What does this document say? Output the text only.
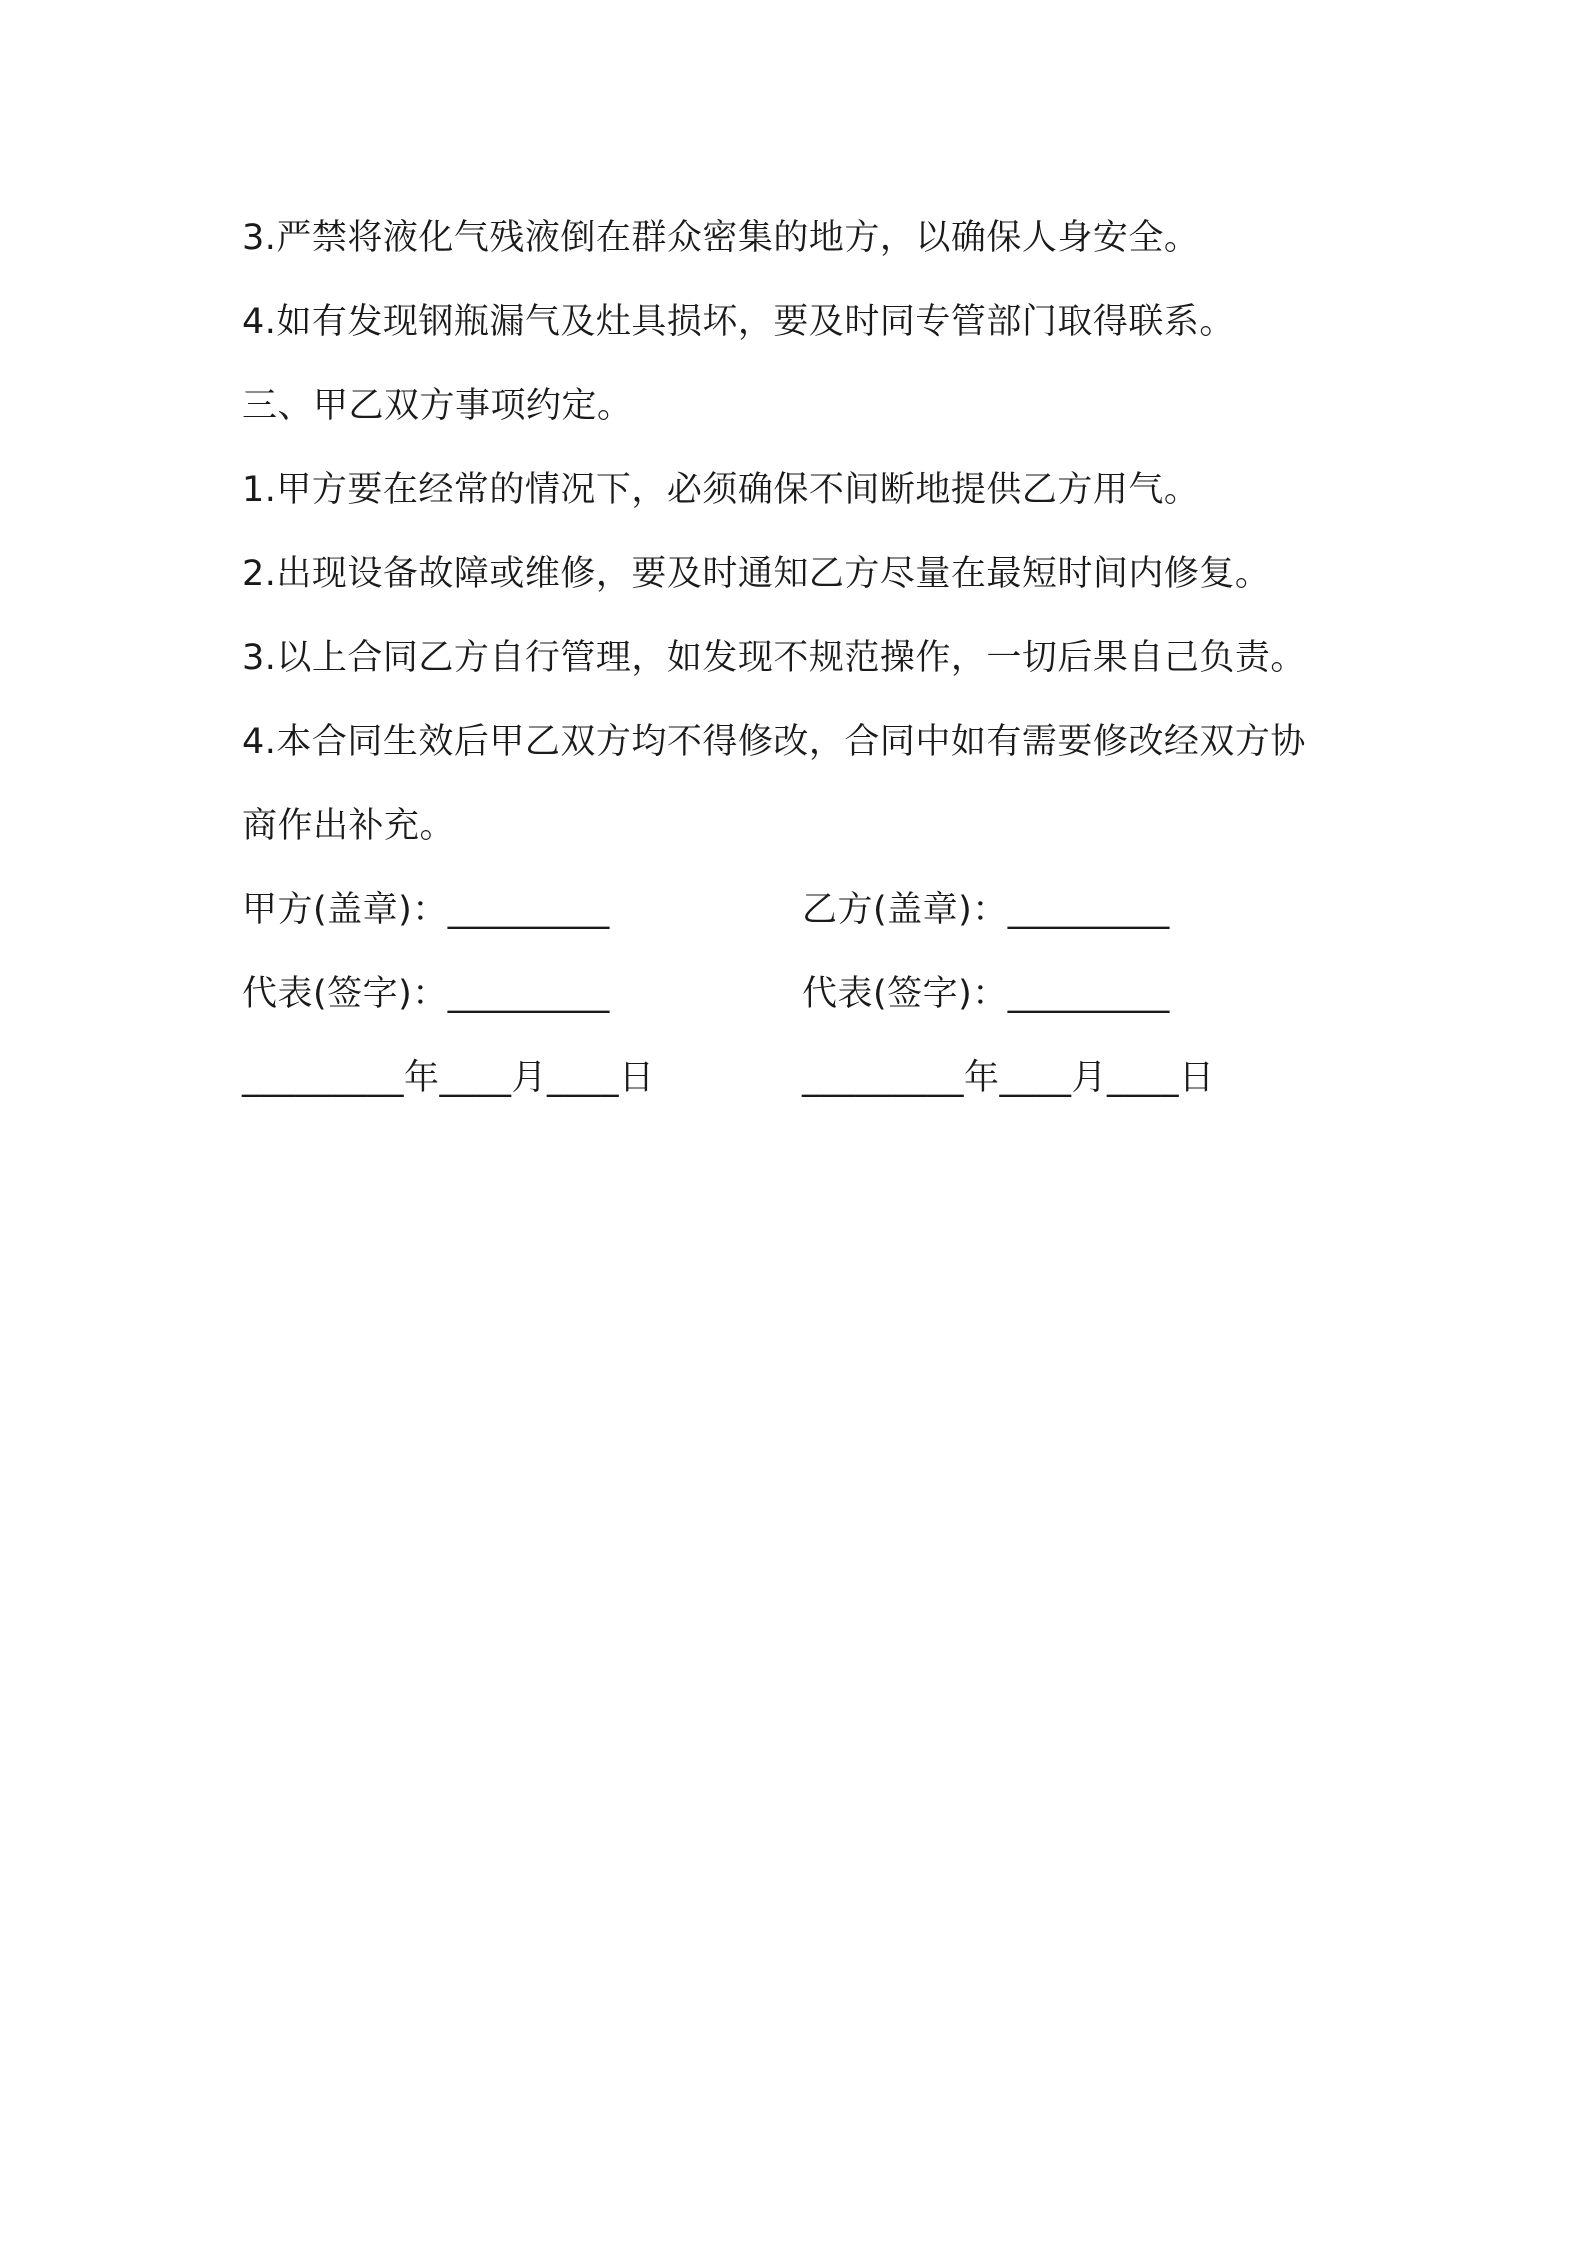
3.严禁将液化气残液倒在群众密集的地方，以确保人身安全。
4.如有发现钢瓶漏气及灶具损坏，要及时同专管部门取得联系。
三、甲乙双方事项约定。
1.甲方要在经常的情况下，必须确保不间断地提供乙方用气。
2.出现设备故障或维修，要及时通知乙方尽量在最短时间内修复。
3.以上合同乙方自行管理，如发现不规范操作，一切后果自己负责。
4.本合同生效后甲乙双方均不得修改，合同中如有需要修改经双方协
商作出补充。
甲方(盖章)：_________	乙方(盖章)：_________
代表(签字)：_________	代表(签字)：_________
_________年____月____日	_________年____月____日
